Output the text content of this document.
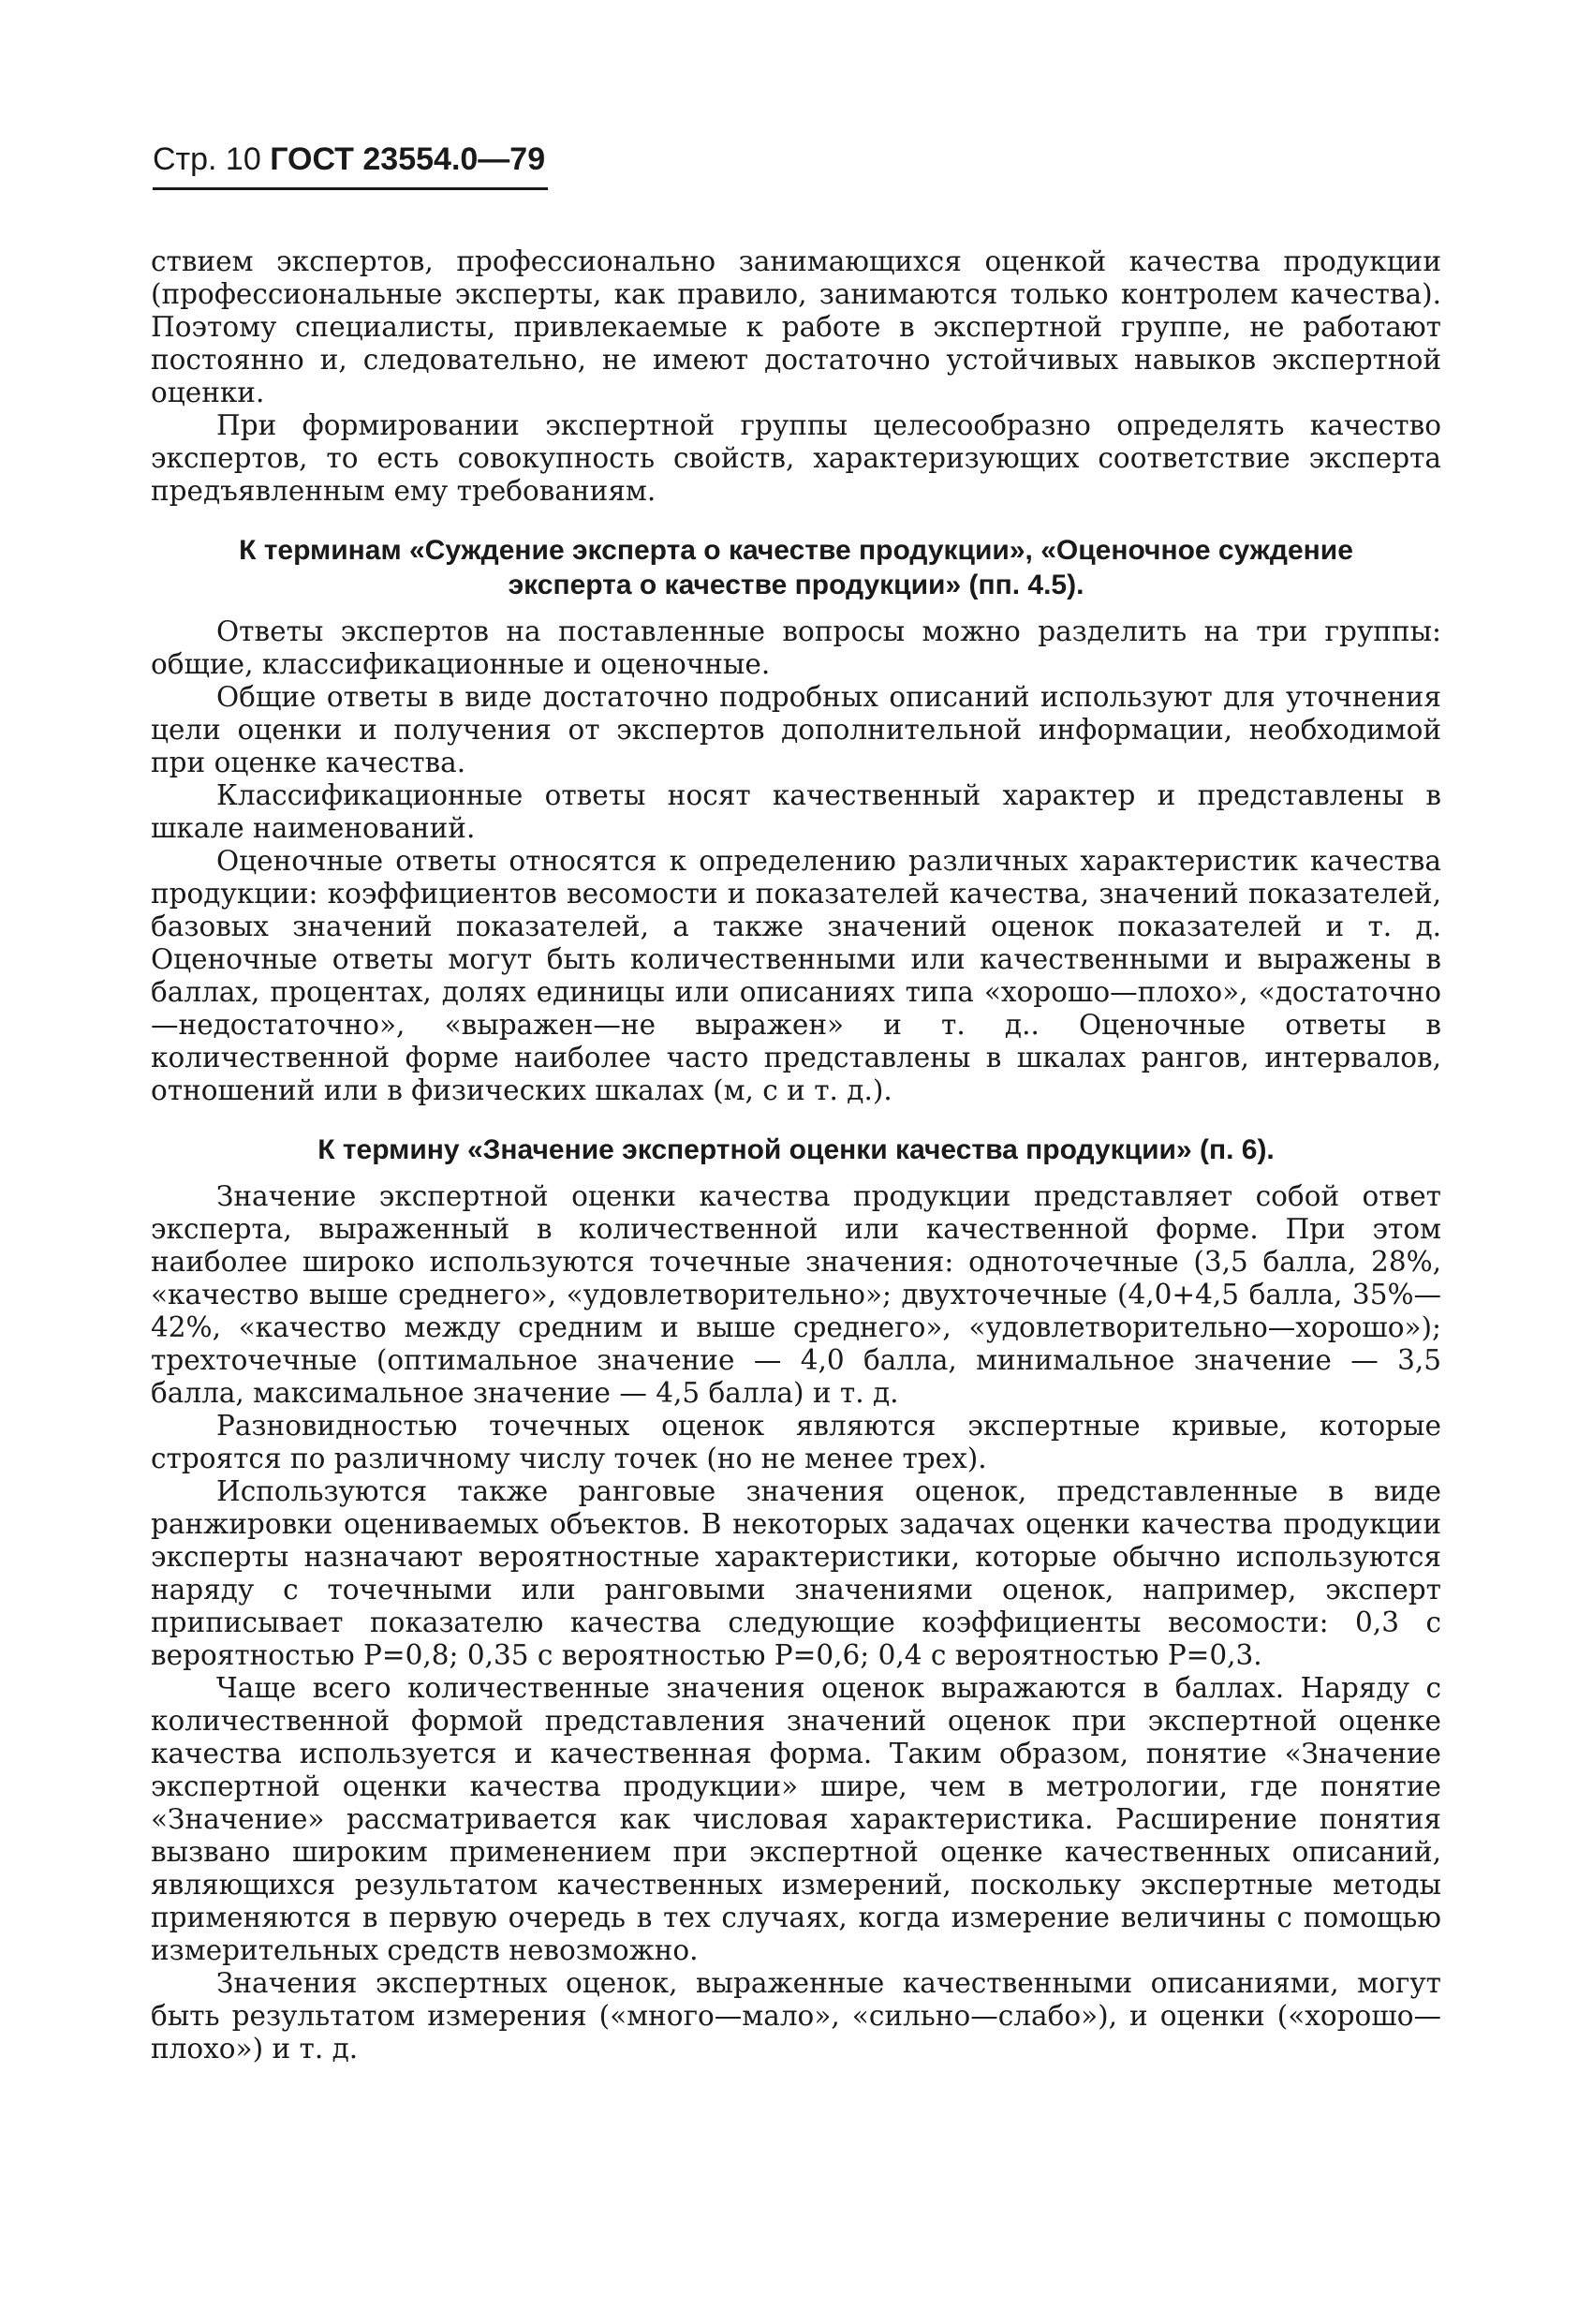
Стр. 10 ГОСТ 23554.0—79

ствием экспертов, профессионально занимающихся оценкой качества продукции (профессиональные эксперты, как правило, занимаются только контролем качества). Поэтому специалисты, привлекаемые к работе в экспертной группе, не работают постоянно и, следовательно, не имеют достаточно устойчивых навыков экспертной оценки.

При формировании экспертной группы целесообразно определять качество экспертов, то есть совокупность свойств, характеризующих соответствие эксперта предъявленным ему требованиям.

К терминам «Суждение эксперта о качестве продукции», «Оценочное суждение эксперта о качестве продукции» (пп. 4.5).

Ответы экспертов на поставленные вопросы можно разделить на три группы: общие, классификационные и оценочные.

Общие ответы в виде достаточно подробных описаний используют для уточнения цели оценки и получения от экспертов дополнительной информации, необходимой при оценке качества.

Классификационные ответы носят качественный характер и представлены в шкале наименований.

Оценочные ответы относятся к определению различных характеристик качества продукции: коэффициентов весомости и показателей качества, значений показателей, базовых значений показателей, а также значений оценок показателей и т. д. Оценочные ответы могут быть количественными или качественными и выражены в баллах, процентах, долях единицы или описаниях типа «хорошо—плохо», «достаточно—недостаточно», «выражен—не выражен» и т. д.. Оценочные ответы в количественной форме наиболее часто представлены в шкалах рангов, интервалов, отношений или в физических шкалах (м, с и т. д.).

К термину «Значение экспертной оценки качества продукции» (п. 6).

Значение экспертной оценки качества продукции представляет собой ответ эксперта, выраженный в количественной или качественной форме. При этом наиболее широко используются точечные значения: одноточечные (3,5 балла, 28%, «качество выше среднего», «удовлетворительно»; двухточечные (4,0+4,5 балла, 35%—42%, «качество между средним и выше среднего», «удовлетворительно—хорошо»); трехточечные (оптимальное значение — 4,0 балла, минимальное значение — 3,5 балла, максимальное значение — 4,5 балла) и т. д.

Разновидностью точечных оценок являются экспертные кривые, которые строятся по различному числу точек (но не менее трех).

Используются также ранговые значения оценок, представленные в виде ранжировки оцениваемых объектов. В некоторых задачах оценки качества продукции эксперты назначают вероятностные характеристики, которые обычно используются наряду с точечными или ранговыми значениями оценок, например, эксперт приписывает показателю качества следующие коэффициенты весомости: 0,3 с вероятностью P=0,8; 0,35 с вероятностью P=0,6; 0,4 с вероятностью P=0,3.

Чаще всего количественные значения оценок выражаются в баллах. Наряду с количественной формой представления значений оценок при экспертной оценке качества используется и качественная форма. Таким образом, понятие «Значение экспертной оценки качества продукции» шире, чем в метрологии, где понятие «Значение» рассматривается как числовая характеристика. Расширение понятия вызвано широким применением при экспертной оценке качественных описаний, являющихся результатом качественных измерений, поскольку экспертные методы применяются в первую очередь в тех случаях, когда измерение величины с помощью измерительных средств невозможно.

Значения экспертных оценок, выраженные качественными описаниями, могут быть результатом измерения («много—мало», «сильно—слабо»), и оценки («хорошо—плохо») и т. д.
